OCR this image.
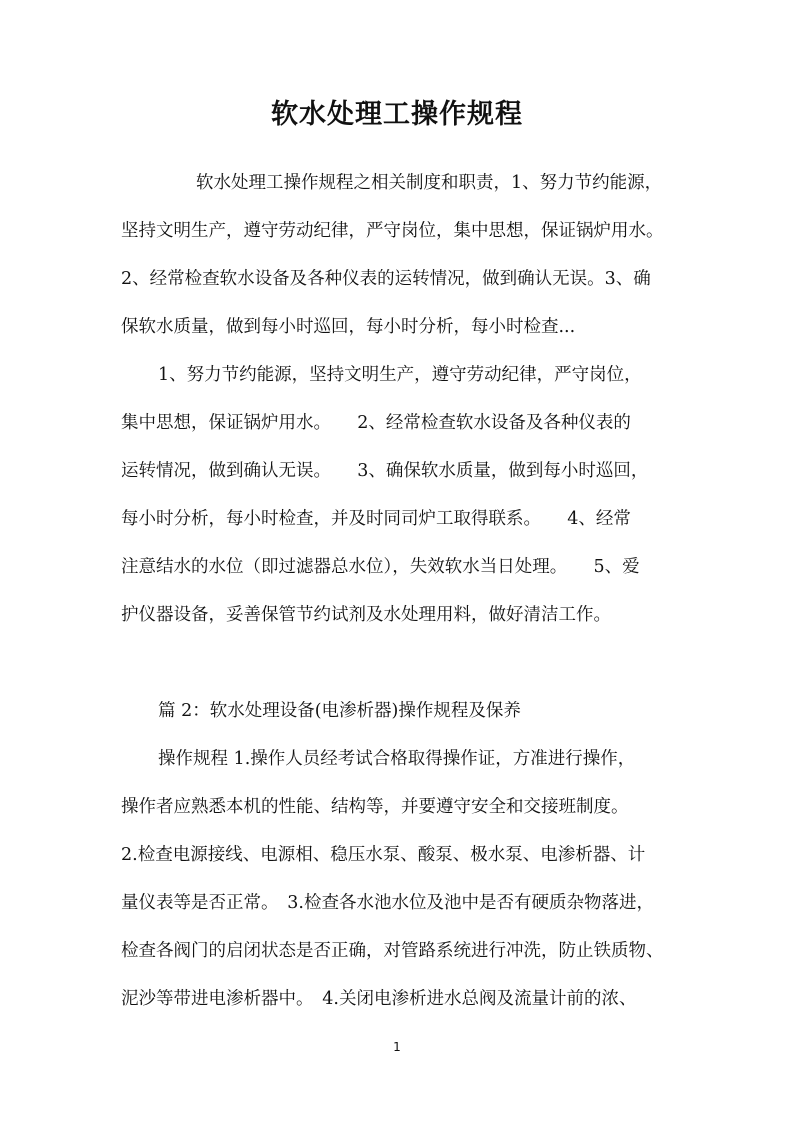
软水处理工操作规程
软水处理工操作规程之相关制度和职责，1、努力节约能源，
坚持文明生产，遵守劳动纪律，严守岗位，集中思想，保证锅炉用水。
2、经常检查软水设备及各种仪表的运转情况，做到确认无误。3、确
保软水质量，做到每小时巡回，每小时分析，每小时检查...
1、努力节约能源，坚持文明生产，遵守劳动纪律，严守岗位，
集中思想，保证锅炉用水。　　2、经常检查软水设备及各种仪表的
运转情况，做到确认无误。　　3、确保软水质量，做到每小时巡回，
每小时分析，每小时检查，并及时同司炉工取得联系。　　4、经常
注意结水的水位（即过滤器总水位），失效软水当日处理。　　5、爱
护仪器设备，妥善保管节约试剂及水处理用料，做好清洁工作。
篇 2：软水处理设备(电渗析器)操作规程及保养
操作规程 1.操作人员经考试合格取得操作证，方准进行操作，
操作者应熟悉本机的性能、结构等，并要遵守安全和交接班制度。
2.检查电源接线、电源相、稳压水泵、酸泵、极水泵、电渗析器、计
量仪表等是否正常。　3.检查各水池水位及池中是否有硬质杂物落进，
检查各阀门的启闭状态是否正确，对管路系统进行冲洗，防止铁质物、
泥沙等带进电渗析器中。　4.关闭电渗析进水总阀及流量计前的浓、
1
